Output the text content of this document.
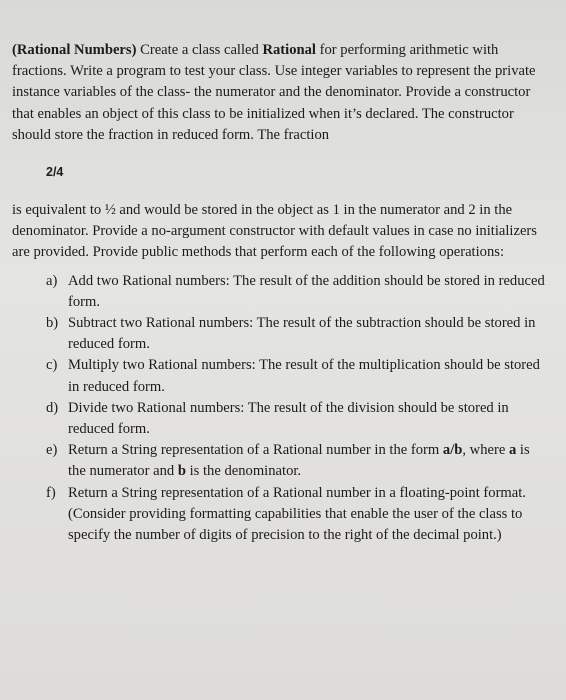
(Rational Numbers) Create a class called Rational for performing arithmetic with fractions. Write a program to test your class. Use integer variables to represent the private instance variables of the class- the numerator and the denominator. Provide a constructor that enables an object of this class to be initialized when it’s declared. The constructor should store the fraction in reduced form. The fraction

2/4

is equivalent to ½ and would be stored in the object as 1 in the numerator and 2 in the denominator. Provide a no-argument constructor with default values in case no initializers are provided. Provide public methods that perform each of the following operations:

a) Add two Rational numbers: The result of the addition should be stored in reduced form.
b) Subtract two Rational numbers: The result of the subtraction should be stored in reduced form.
c) Multiply two Rational numbers: The result of the multiplication should be stored in reduced form.
d) Divide two Rational numbers: The result of the division should be stored in reduced form.
e) Return a String representation of a Rational number in the form a/b, where a is the numerator and b is the denominator.
f) Return a String representation of a Rational number in a floating-point format. (Consider providing formatting capabilities that enable the user of the class to specify the number of digits of precision to the right of the decimal point.)
